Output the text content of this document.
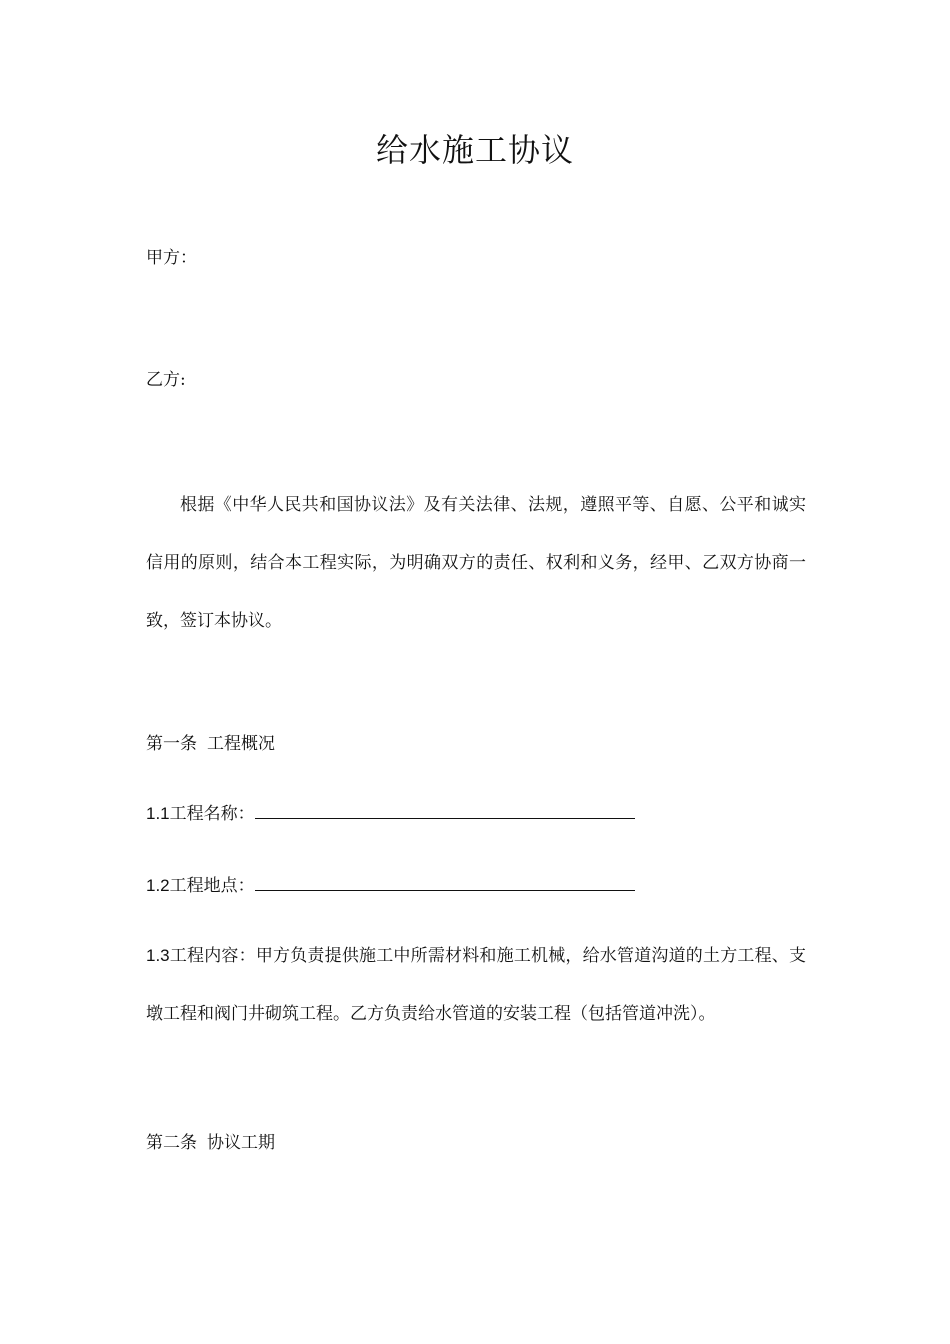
给水施工协议
甲方：
乙方:
根据《中华人民共和国协议法》及有关法律、法规，遵照平等、自愿、公平和诚实信用的原则，结合本工程实际，为明确双方的责任、权利和义务，经甲、乙双方协商一致，签订本协议。
第一条 工程概况
1.1工程名称：
1.2工程地点：
1.3工程内容：甲方负责提供施工中所需材料和施工机械，给水管道沟道的土方工程、支墩工程和阀门井砌筑工程。乙方负责给水管道的安装工程（包括管道冲洗）。
第二条 协议工期
